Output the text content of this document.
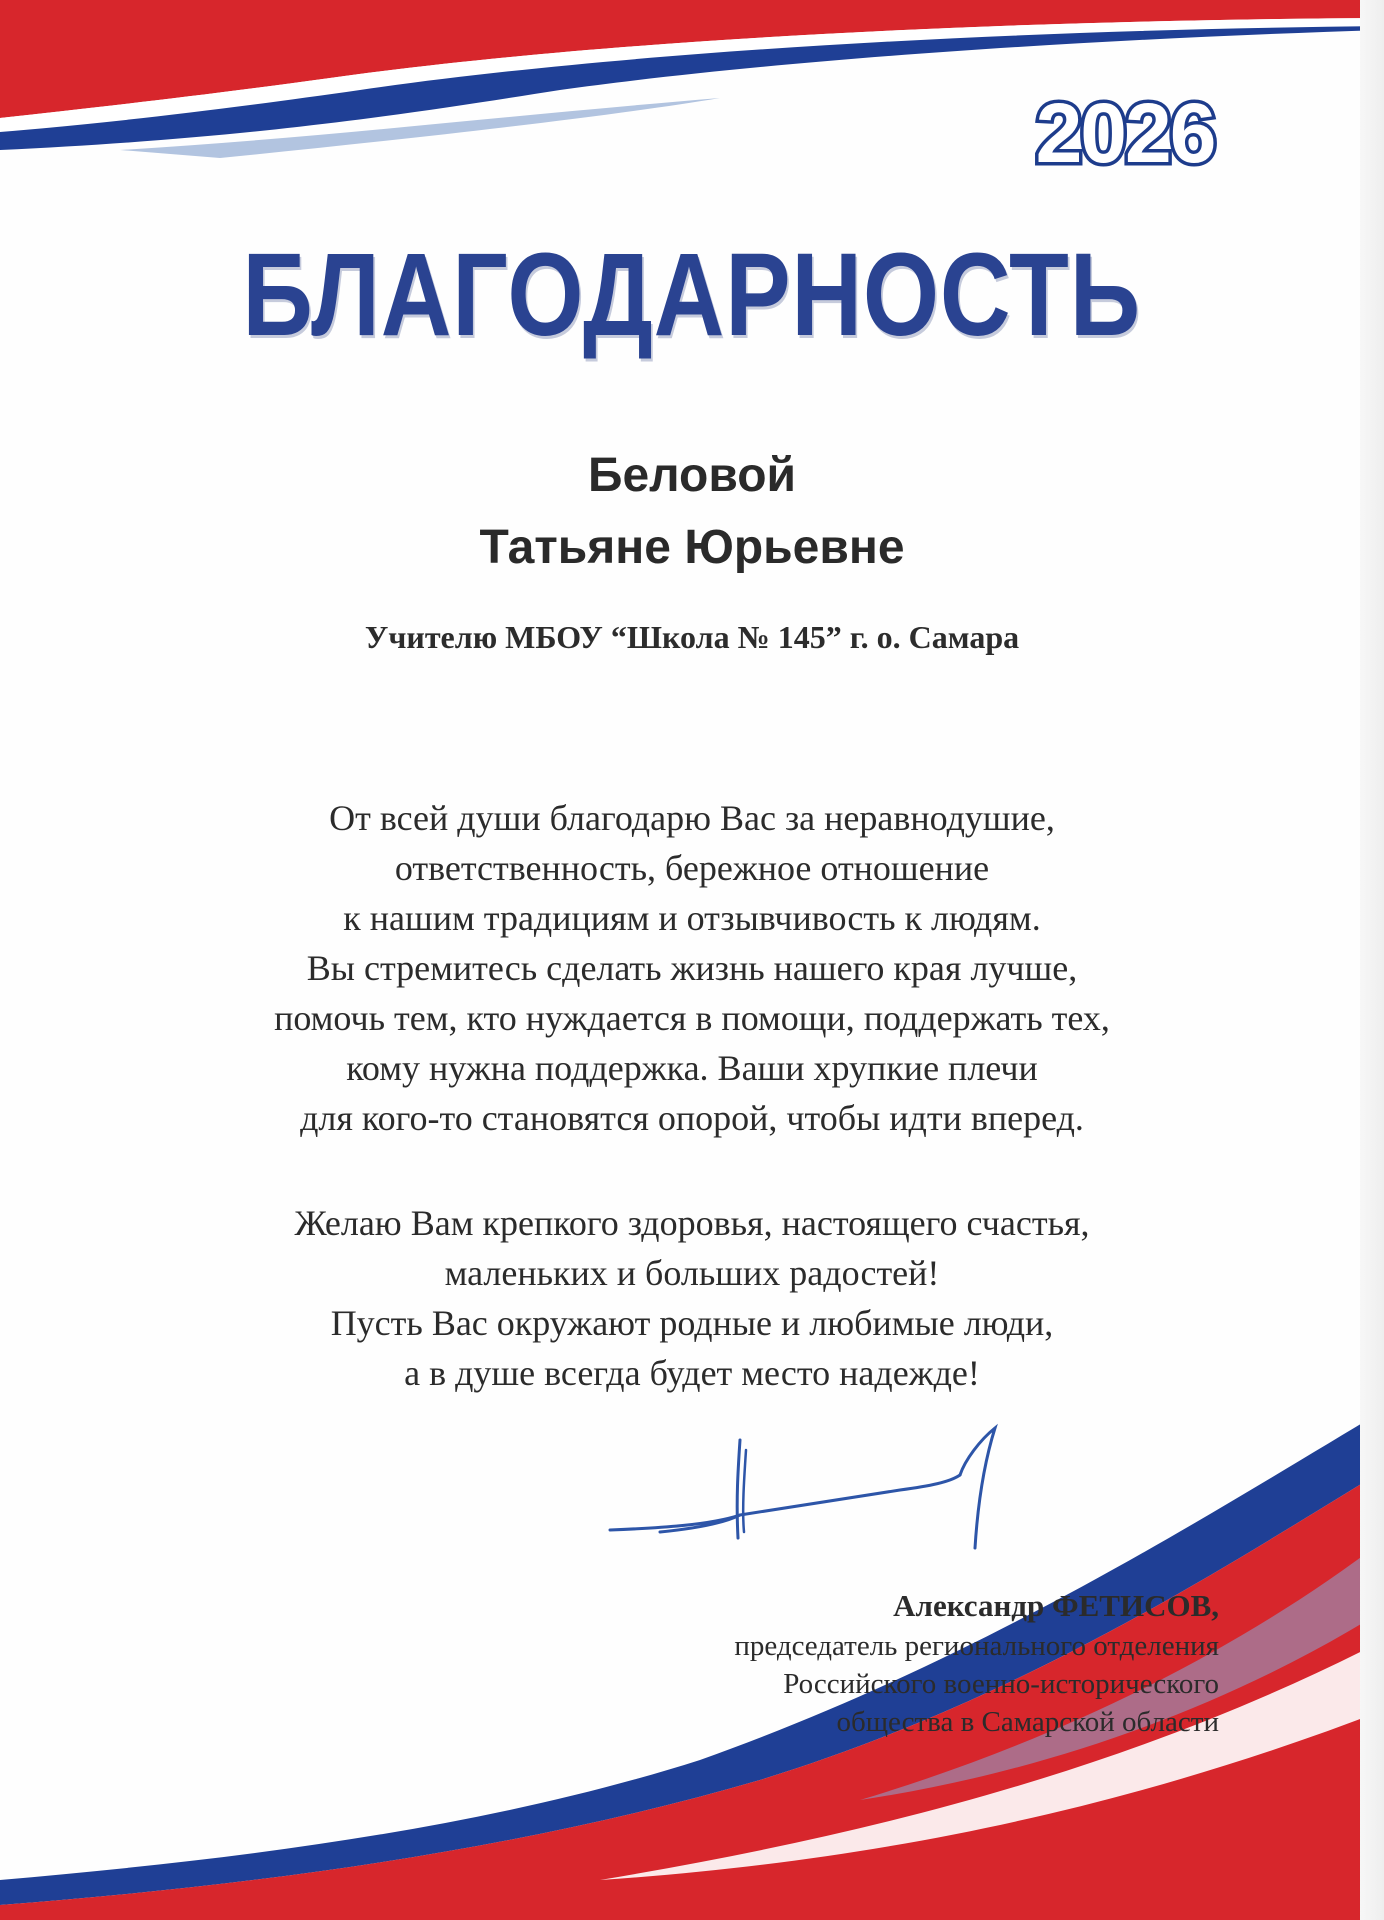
2026
БЛАГОДАРНОСТЬ
Беловой
Татьяне Юрьевне
Учителю МБОУ “Школа № 145” г. о. Самара
От всей души благодарю Вас за неравнодушие,
ответственность, бережное отношение
к нашим традициям и отзывчивость к людям.
Вы стремитесь сделать жизнь нашего края лучше,
помочь тем, кто нуждается в помощи, поддержать тех,
кому нужна поддержка. Ваши хрупкие плечи
для кого-то становятся опорой, чтобы идти вперед.
Желаю Вам крепкого здоровья, настоящего счастья,
маленьких и больших радостей!
Пусть Вас окружают родные и любимые люди,
а в душе всегда будет место надежде!
Александр ФЕТИСОВ,
председатель регионального отделения
Российского военно-исторического
общества в Самарской области
